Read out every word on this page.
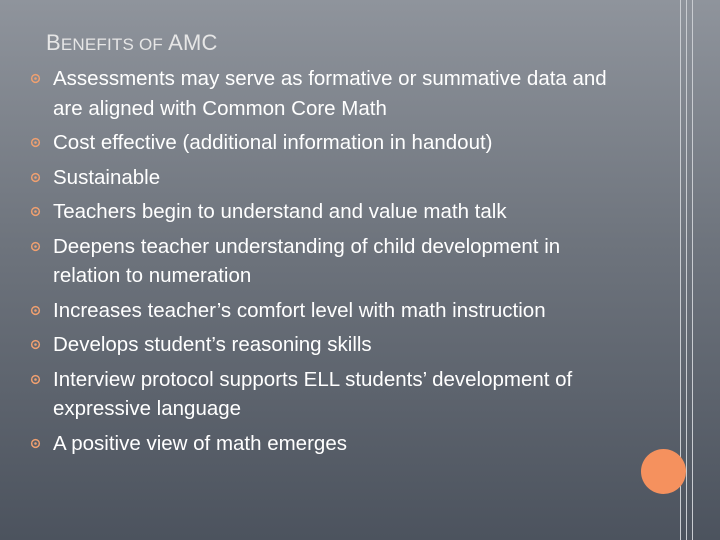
BENEFITS OF AMC
Assessments may serve as formative or summative data and are aligned with Common Core Math
Cost effective (additional information in handout)
Sustainable
Teachers begin to understand and value math talk
Deepens teacher understanding of child development in relation to numeration
Increases teacher’s comfort level with math instruction
Develops student’s reasoning skills
Interview protocol supports ELL students’ development of expressive language
A positive view of math emerges
